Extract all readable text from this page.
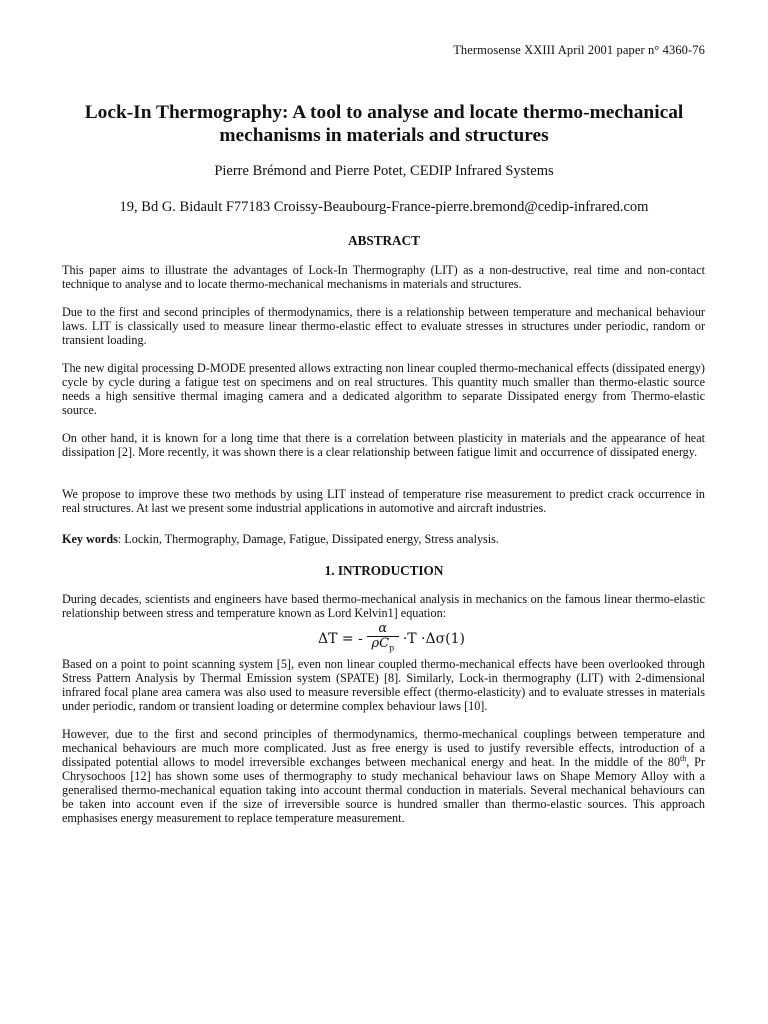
Thermosense XXIII April 2001 paper n° 4360-76
Lock-In Thermography: A tool to analyse and locate thermo-mechanical
mechanisms in materials and structures
Pierre Brémond and Pierre Potet, CEDIP Infrared Systems
19, Bd G. Bidault F77183 Croissy-Beaubourg-France-pierre.bremond@cedip-infrared.com
ABSTRACT

This paper aims to illustrate the advantages of Lock-In Thermography (LIT) as a non-destructive, real time and non-contact technique to analyse and to locate thermo-mechanical mechanisms in materials and structures.

Due to the first and second principles of thermodynamics, there is a relationship between temperature and mechanical behaviour laws. LIT is classically used to measure linear thermo-elastic effect to evaluate stresses in structures under periodic, random or transient loading.

The new digital processing D-MODE presented allows extracting non linear coupled thermo-mechanical effects (dissipated energy) cycle by cycle during a fatigue test on specimens and on real structures. This quantity much smaller than thermo-elastic source needs a high sensitive thermal imaging camera and a dedicated algorithm to separate Dissipated energy from Thermo-elastic source.

On other hand, it is known for a long time that there is a correlation between plasticity in materials and the appearance of heat dissipation [2]. More recently, it was shown there is a clear relationship between fatigue limit and occurrence of dissipated energy.

We propose to improve these two methods by using LIT instead of temperature rise measurement to predict crack occurrence in real structures. At last we present some industrial applications in automotive and aircraft industries.

Key words: Lockin, Thermography, Damage, Fatigue, Dissipated energy, Stress analysis.

1. INTRODUCTION

During decades, scientists and engineers have based thermo-mechanical analysis in mechanics on the famous linear thermo-elastic relationship between stress and temperature known as Lord Kelvin1] equation:

ΔT = - $\frac{\alpha}{\rho C_p} \cdot T \cdot\Delta\sigma(1)$

Based on a point to point scanning system [5], even non linear coupled thermo-mechanical effects have been overlooked through Stress Pattern Analysis by Thermal Emission system (SPATE) [8]. Similarly, Lock-in thermography (LIT) with 2-dimensional infrared focal plane area camera was also used to measure reversible effect (thermo-elasticity) and to evaluate stresses in materials under periodic, random or transient loading or determine complex behaviour laws [10].

However, due to the first and second principles of thermodynamics, thermo-mechanical couplings between temperature and mechanical behaviours are much more complicated. Just as free energy is used to justify reversible effects, introduction of a dissipated potential allows to model irreversible exchanges between mechanical energy and heat. In the middle of the 80th, Pr Chrysochoos [12] has shown some uses of thermography to study mechanical behaviour laws on Shape Memory Alloy with a generalised thermo-mechanical equation taking into account thermal conduction in materials. Several mechanical behaviours can be taken into account even if the size of irreversible source is hundred smaller than thermo-elastic sources. This approach emphasises energy measurement to replace temperature measurement.
